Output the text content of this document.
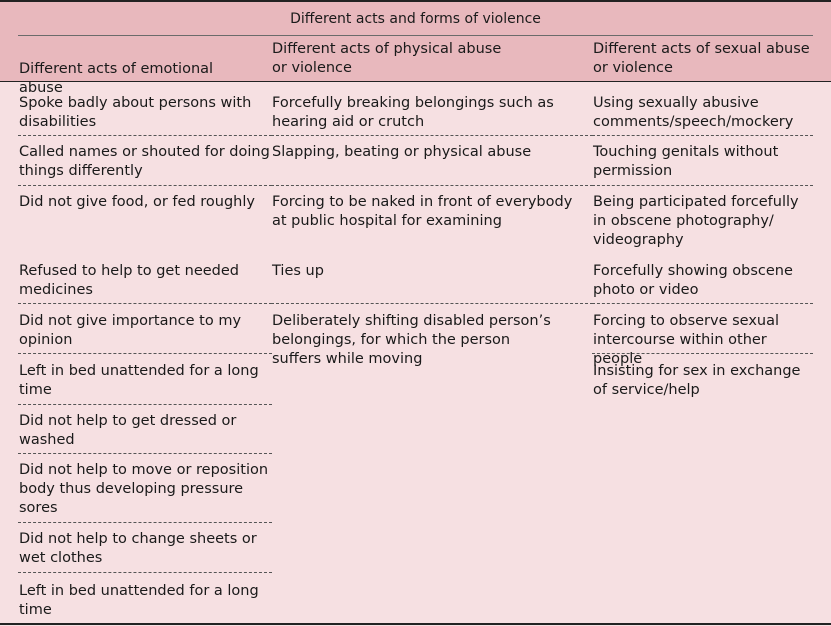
Different acts and forms of violence
Different acts of emotional abuse
Different acts of physical abuse or violence
Different acts of sexual abuse or violence
Spoke badly about persons with disabilities
Called names or shouted for doing things differently
Did not give food, or fed roughly
Refused to help to get needed medicines
Did not give importance to my opinion
Left in bed unattended for a long time
Did not help to get dressed or washed
Did not help to move or reposition body thus developing pressure sores
Did not help to change sheets or wet clothes
Left in bed unattended for a long time
Forcefully breaking belongings such as hearing aid or crutch
Slapping, beating or physical abuse
Forcing to be naked in front of everybody at public hospital for examining
Ties up
Deliberately shifting disabled person’s belongings, for which the person suffers while moving
Using sexually abusive comments/speech/mockery
Touching genitals without permission
Being participated forcefully in obscene photography/ videography
Forcefully showing obscene photo or video
Forcing to observe sexual intercourse within other people
Insisting for sex in exchange of service/help
